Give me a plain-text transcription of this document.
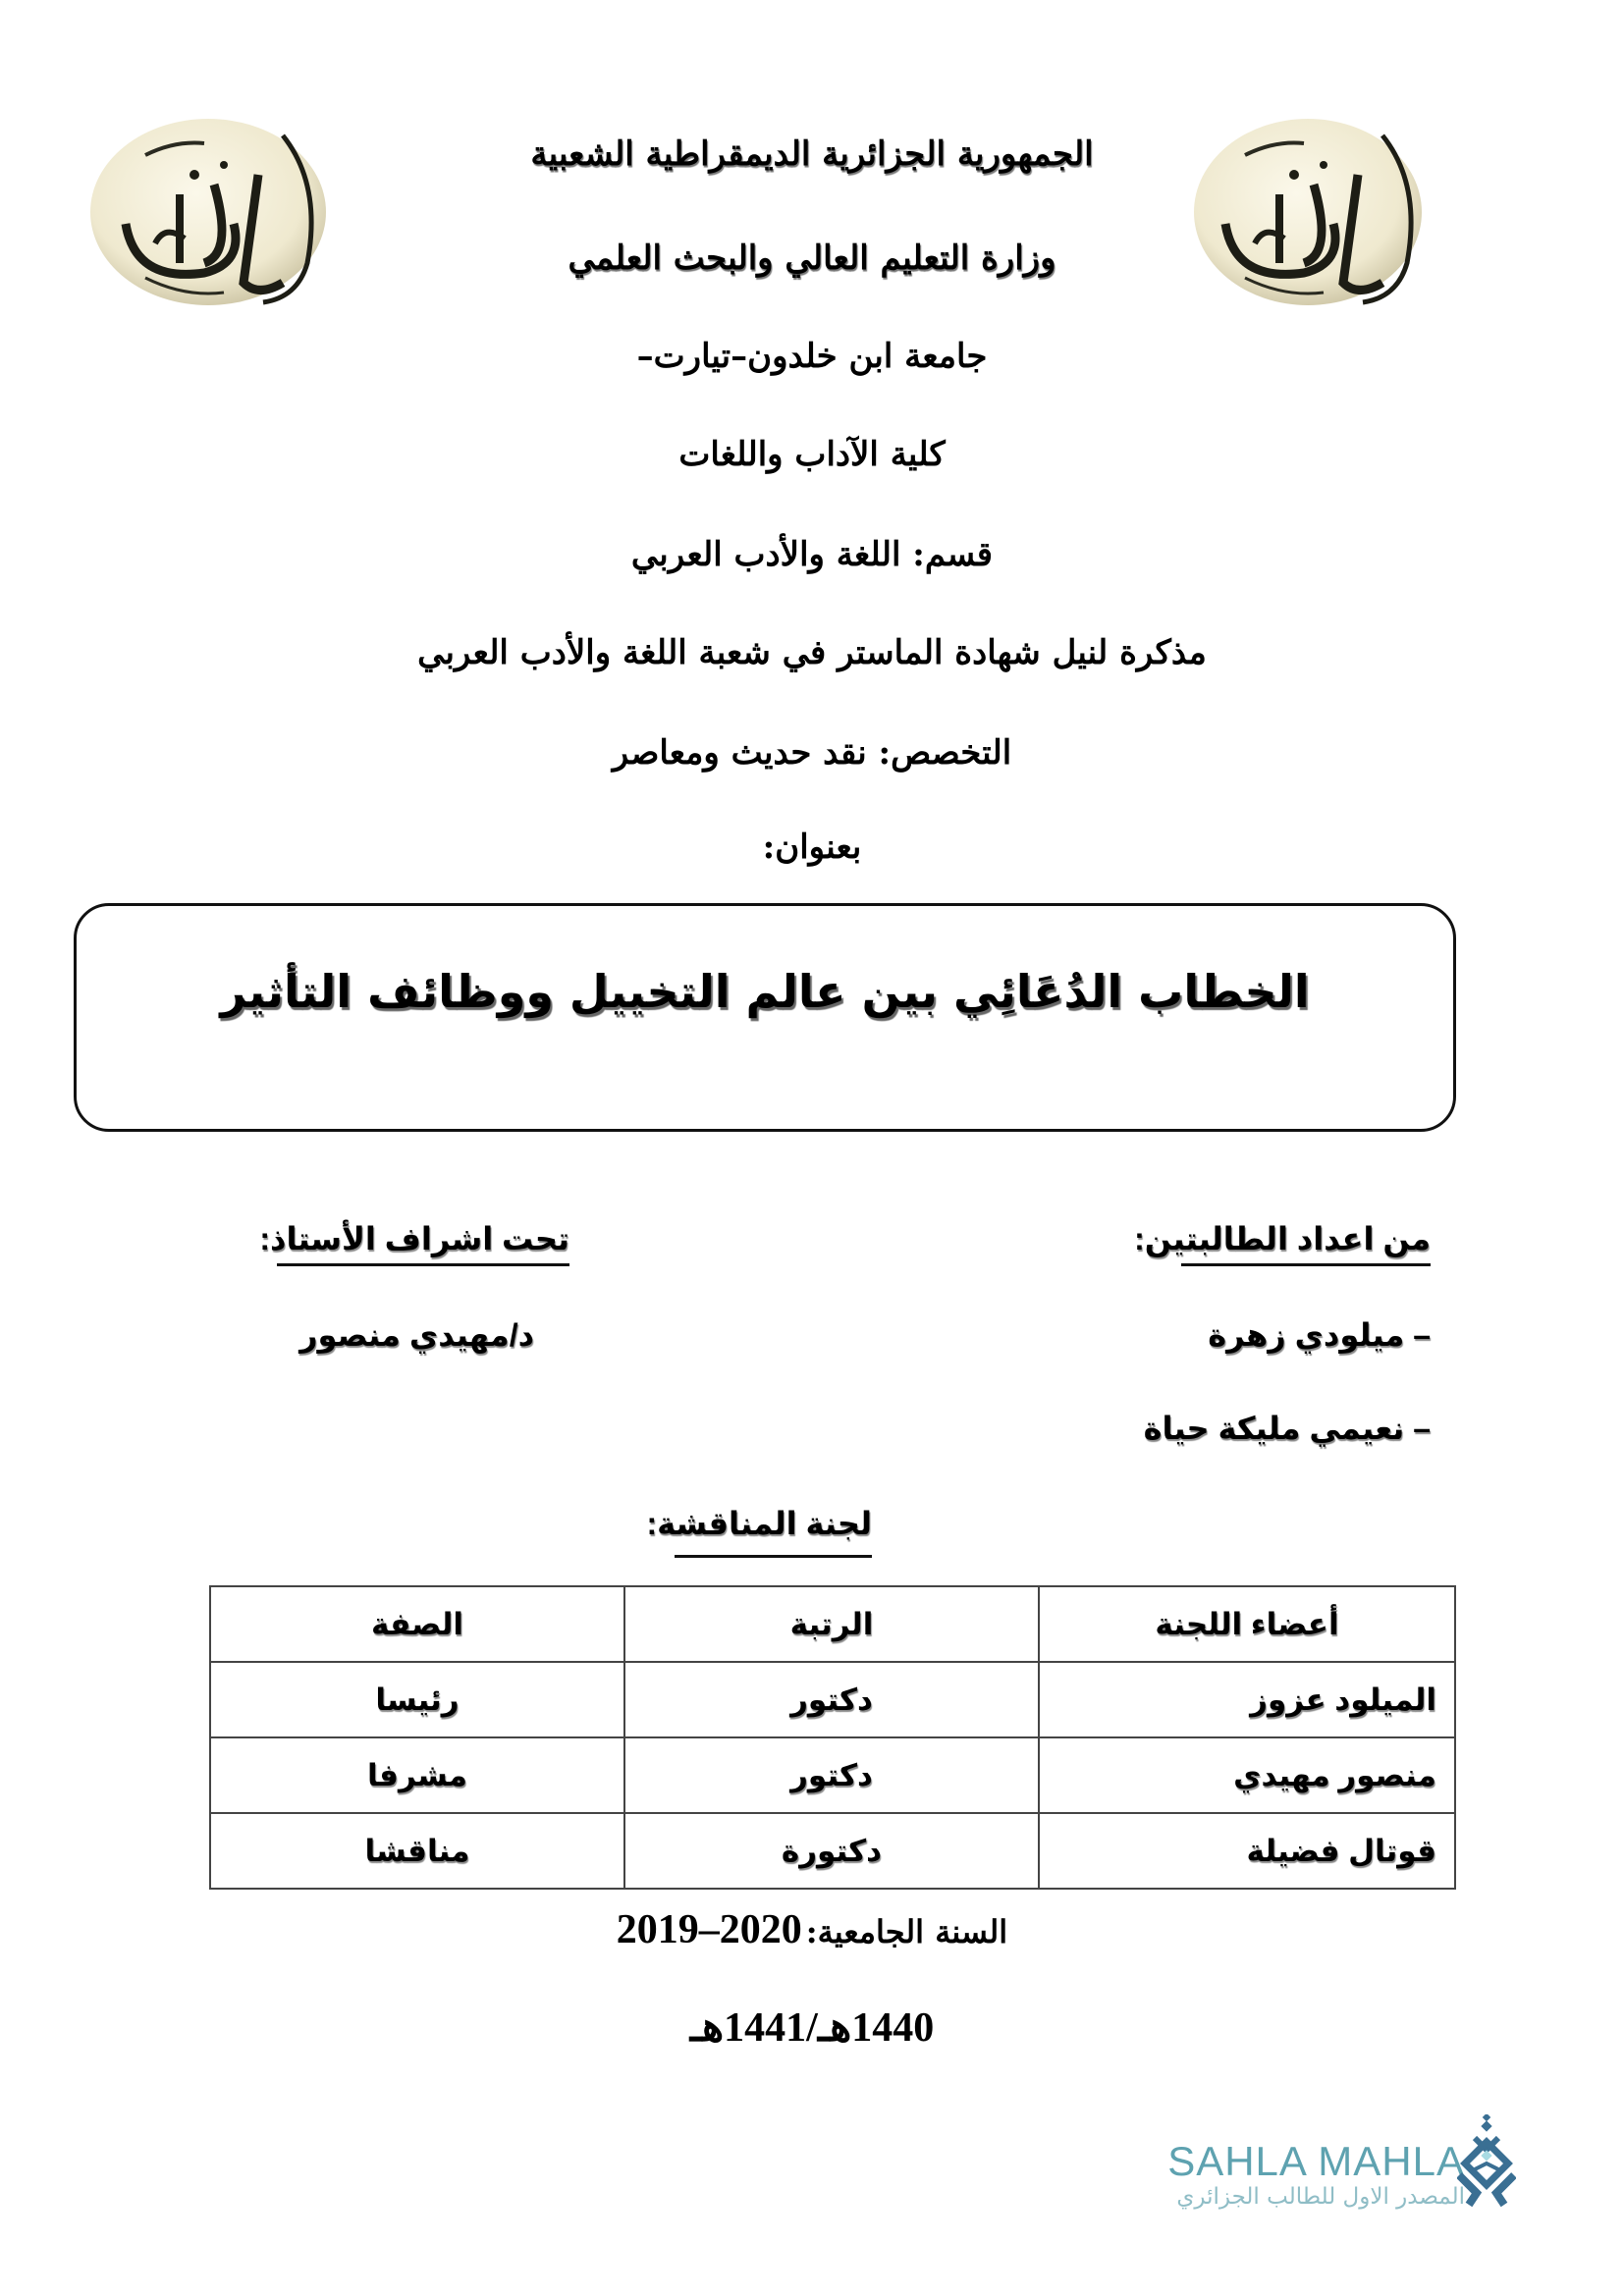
الجمهورية الجزائرية الديمقراطية الشعبية
وزارة التعليم العالي والبحث العلمي
جامعة ابن خلدون–تيارت–
كلية الآداب واللغات
قسم: اللغة والأدب العربي
مذكرة لنيل شهادة الماستر في شعبة اللغة والأدب العربي
التخصص: نقد حديث ومعاصر
بعنوان:
الخطاب الدُعَائِي بين عالم التخييل ووظائف التأثير
من اعداد الطالبتين:
– ميلودي زهرة
– نعيمي مليكة حياة
تحت اشراف الأستاذ:
د/مهيدي منصور
لجنة المناقشة:
أعضاء اللجنة	الرتبة	الصفة
الميلود عزوز	دكتور	رئيسا
منصور مهيدي	دكتور	مشرفا
قوتال فضيلة	دكتورة	مناقشا
السنة الجامعية: 2019–2020
1440هـ/1441هـ
SAHLA MAHLA
المصدر الاول للطالب الجزائري
